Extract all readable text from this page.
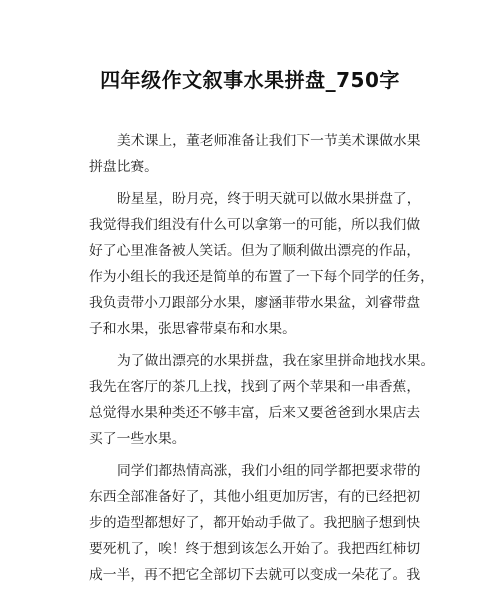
四年级作文叙事水果拼盘_750字
美术课上，董老师准备让我们下一节美术课做水果
拼盘比赛。
盼星星，盼月亮，终于明天就可以做水果拼盘了，
我觉得我们组没有什么可以拿第一的可能，所以我们做
好了心里准备被人笑话。但为了顺利做出漂亮的作品，
作为小组长的我还是简单的布置了一下每个同学的任务，
我负责带小刀跟部分水果，廖涵菲带水果盆，刘睿带盘
子和水果，张思睿带桌布和水果。
为了做出漂亮的水果拼盘，我在家里拼命地找水果。
我先在客厅的茶几上找，找到了两个苹果和一串香蕉，
总觉得水果种类还不够丰富，后来又要爸爸到水果店去
买了一些水果。
同学们都热情高涨，我们小组的同学都把要求带的
东西全部准备好了，其他小组更加厉害，有的已经把初
步的造型都想好了，都开始动手做了。我把脑子想到快
要死机了，唉！终于想到该怎么开始了。我把西红柿切
成一半，再不把它全部切下去就可以变成一朵花了。我
